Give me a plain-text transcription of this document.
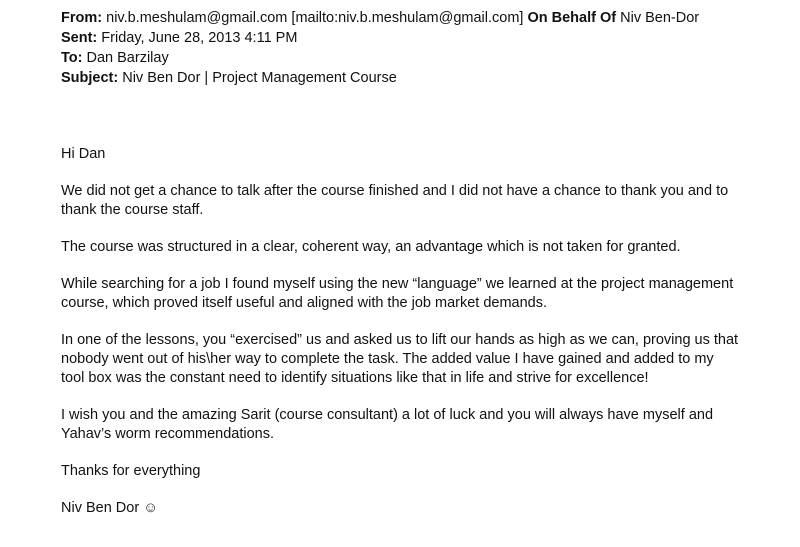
From: niv.b.meshulam@gmail.com [mailto:niv.b.meshulam@gmail.com] On Behalf Of Niv Ben-Dor
Sent: Friday, June 28, 2013 4:11 PM
To: Dan Barzilay
Subject: Niv Ben Dor | Project Management Course

Hi Dan

We did not get a chance to talk after the course finished and I did not have a chance to thank you and to thank the course staff.

The course was structured in a clear, coherent way, an advantage which is not taken for granted.

While searching for a job I found myself using the new “language” we learned at the project management course, which proved itself useful and aligned with the job market demands.

In one of the lessons, you “exercised” us and asked us to lift our hands as high as we can, proving us that nobody went out of his\her way to complete the task. The added value I have gained and added to my tool box was the constant need to identify situations like that in life and strive for excellence!

I wish you and the amazing Sarit (course consultant) a lot of luck and you will always have myself and Yahav’s worm recommendations.

Thanks for everything

Niv Ben Dor ☺
